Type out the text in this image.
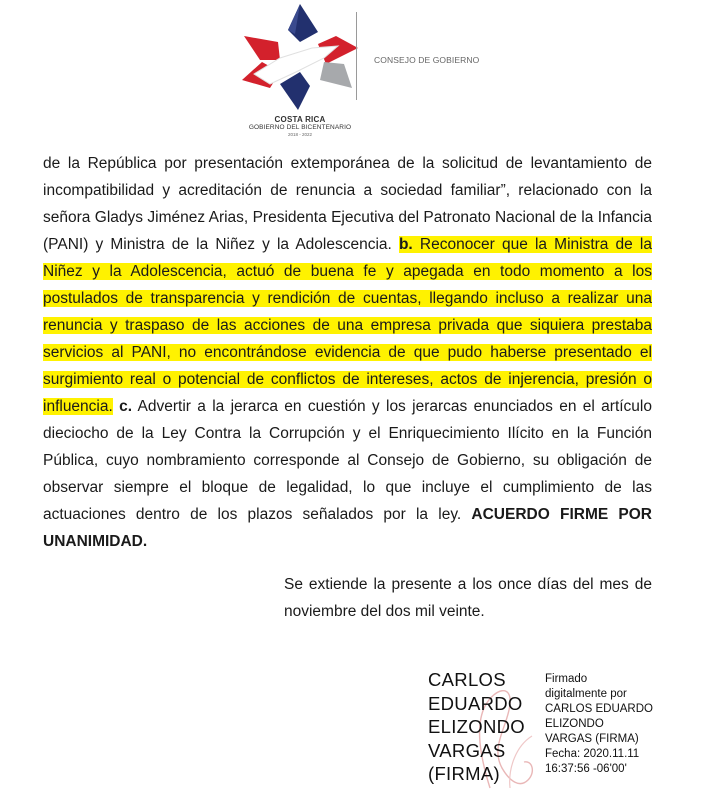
COSTA RICA
GOBIERNO DEL BICENTENARIO
2018 - 2022
CONSEJO DE GOBIERNO

de la República por presentación extemporánea de la solicitud de levantamiento de incompatibilidad y acreditación de renuncia a sociedad familiar”, relacionado con la señora Gladys Jiménez Arias, Presidenta Ejecutiva del Patronato Nacional de la Infancia (PANI) y Ministra de la Niñez y la Adolescencia. b. Reconocer que la Ministra de la Niñez y la Adolescencia, actuó de buena fe y apegada en todo momento a los postulados de transparencia y rendición de cuentas, llegando incluso a realizar una renuncia y traspaso de las acciones de una empresa privada que siquiera prestaba servicios al PANI, no encontrándose evidencia de que pudo haberse presentado el surgimiento real o potencial de conflictos de intereses, actos de injerencia, presión o influencia. c. Advertir a la jerarca en cuestión y los jerarcas enunciados en el artículo dieciocho de la Ley Contra la Corrupción y el Enriquecimiento Ilícito en la Función Pública, cuyo nombramiento corresponde al Consejo de Gobierno, su obligación de observar siempre el bloque de legalidad, lo que incluye el cumplimiento de las actuaciones dentro de los plazos señalados por la ley. ACUERDO FIRME POR UNANIMIDAD.

Se extiende la presente a los once días del mes de noviembre del dos mil veinte.
CARLOS
EDUARDO
ELIZONDO
VARGAS
(FIRMA)
Firmado
digitalmente por
CARLOS EDUARDO
ELIZONDO
VARGAS (FIRMA)
Fecha: 2020.11.11
16:37:56 -06'00'
